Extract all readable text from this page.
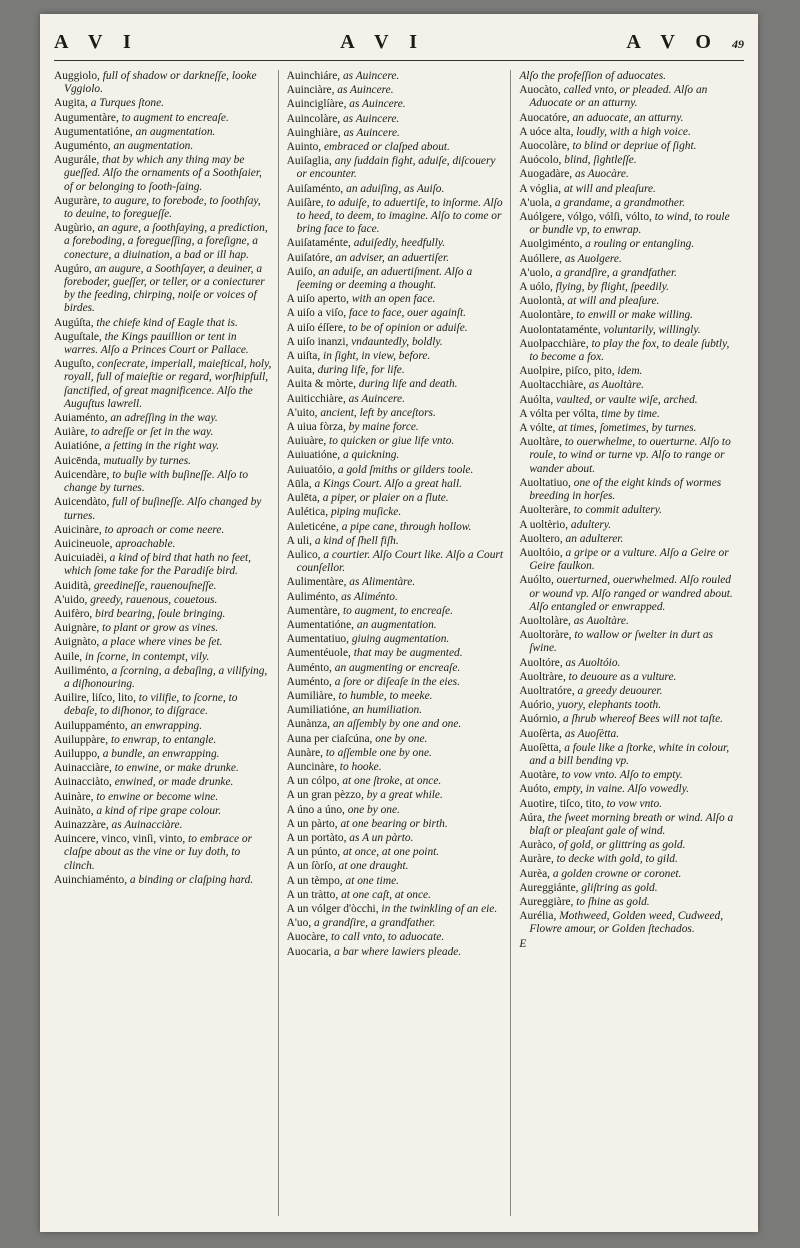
A V I	A V I	A V O 49

Auggiolo, full of shadow or darkneſſe, looke Vggiolo.

Augita, a Turques ſtone.

Augumentàre, to augment to encreaſe.

Augumentatióne, an augmentation.

Auguménto, an augmentation.

Augurále, that by which any thing may be gueſſed. Alſo the ornaments of a Soothſaier, of or belonging to ſooth-ſaing.

Auguràre, to augure, to forebode, to ſoothſay, to deuine, to foregueſſe.

Augùrio, an agure, a ſoothſaying, a prediction, a foreboding, a foregueſſing, a foreſigne, a conecture, a diuination, a bad or ill hap.

Augúro, an augure, a Soothſayer, a deuiner, a foreboder, gueſſer, or teller, or a coniecturer by the feeding, chirping, noiſe or voices of birdes.

Augúſta, the chiefe kind of Eagle that is.

Auguſtale, the Kings pauillion or tent in warres. Alſo a Princes Court or Pallace.

Auguſto, conſecrate, imperiall, maieſtical, holy, royall, full of maieſtie or regard, worſhipfull, ſanctified, of great magnificence. Alſo the Auguſtus lawrell.

Auiaménto, an adreſſing in the way.

Auiàre, to adreſſe or ſet in the way.

Auiatióne, a ſetting in the right way.

Auicēnda, mutually by turnes.

Auicendàre, to buſie with buſineſſe. Alſo to change by turnes.

Auicendàto, full of buſineſſe. Alſo changed by turnes.

Auicinàre, to aproach or come neere.

Auicineuole, aproachable.

Auicuiadèi, a kind of bird that hath no feet, which ſome take for the Paradiſe bird.

Auidità, greedineſſe, rauenouſneſſe.

A'uido, greedy, rauenous, couetous.

Auifèro, bird bearing, ſoule bringing.

Auignàre, to plant or grow as vines.

Auignàto, a place where vines be ſet.

Auile, in ſcorne, in contempt, vily.

Auiliménto, a ſcorning, a debaſing, a vilifying, a diſhonouring.

Auilire, liſco, lito, to vilifie, to ſcorne, to debaſe, to diſhonor, to diſgrace.

Auiluppaménto, an enwrapping.

Auiluppàre, to enwrap, to entangle.

Auiluppo, a bundle, an enwrapping.

Auinacciàre, to enwine, or make drunke.

Auinacciàto, enwined, or made drunke.

Auinàre, to enwine or become wine.

Auinàto, a kind of ripe grape colour.

Auinazzàre, as Auinacciàre.

Auincere, vinco, vinſi, vinto, to embrace or claſpe about as the vine or Iuy doth, to clinch.

Auinchiaménto, a binding or claſping hard.

Auinchiáre, as Auincere.

Auinciàre, as Auincere.

Auinciglíàre, as Auincere.

Auincolàre, as Auincere.

Auinghiàre, as Auincere.

Auinto, embraced or claſped about.

Auiſaglia, any ſuddain fight, aduiſe, diſcouery or encounter.

Auiſaménto, an aduiſing, as Auiſo.

Auiſàre, to aduiſe, to aduertiſe, to inſorme. Alſo to heed, to deem, to imagine. Alſo to come or bring face to face.

Auiſataménte, aduiſedly, heedfully.

Auiſatóre, an adviser, an aduertiſer.

Auiſo, an aduiſe, an aduertiſment. Alſo a ſeeming or deeming a thought.

A uiſo aperto, with an open face.

A uiſo a viſo, face to face, ouer againſt.

A uiſo éſſere, to be of opinion or aduiſe.

A uiſo inanzi, vndauntedly, boldly.

A uiſta, in ſight, in view, before.

Auita, during life, for life.

Auita & mòrte, during life and death.

Auiticchiàre, as Auincere.

A'uito, ancient, left by anceſtors.

A uiua fòrza, by maine force.

Auiuàre, to quicken or giue life vnto.

Auiuatióne, a quickning.

Auiuatóio, a gold ſmiths or gilders toole.

Aūla, a Kings Court. Alſo a great hall.

Aulēta, a piper, or plaier on a flute.

Aulética, piping muſicke.

Auleticéne, a pipe cane, through hollow.

A uli, a kind of ſhell fiſh.

Aulico, a courtier. Alſo Court like. Alſo a Court counſellor.

Aulimentàre, as Alimentàre.

Auliménto, as Aliménto.

Aumentàre, to augment, to encreaſe.

Aumentatióne, an augmentation.

Aumentatiuo, giuing augmentation.

Aumentéuole, that may be augmented.

Auménto, an augmenting or encreaſe.

Auménto, a ſore or diſeaſe in the eies.

Aumiliàre, to humble, to meeke.

Aumiliatióne, an humiliation.

Aunànza, an aſſembly by one and one.

Auna per ciaſcúna, one by one.

Aunàre, to aſſemble one by one.

Auncinàre, to hooke.

A un cólpo, at one ſtroke, at once.

A un gran pèzzo, by a great while.

A úno a úno, one by one.

A un pàrto, at one bearing or birth.

A un portàto, as A un pàrto.

A un púnto, at once, at one point.

A un ſòrſo, at one draught.

A un tèmpo, at one time.

A un tràtto, at one caſt, at once.

A un vólger d'òcchi, in the twinkling of an eie.

A'uo, a grandſire, a grandfather.

Auocàre, to call vnto, to aduocate.

Auocaria, a bar where lawiers pleade.

Alſo the profeſſion of aduocates.

Auocàto, called vnto, or pleaded. Alſo an Aduocate or an atturny.

Auocatóre, an aduocate, an atturny.

A uóce alta, loudly, with a high voice.

Auocolàre, to blind or depriue of ſight.

Auócolo, blind, ſightleſſe.

Auogadàre, as Auocàre.

A vóglia, at will and pleaſure.

A'uola, a grandame, a grandmother.

Auólgere, vólgo, vólſi, vólto, to wind, to roule or bundle vp, to enwrap.

Auolgiménto, a rouling or entangling.

Auóllere, as Auolgere.

A'uolo, a grandſire, a grandfather.

A uólo, flying, by flight, ſpeedily.

Auolontà, at will and pleaſure.

Auolontàre, to enwill or make willing.

Auolontataménte, voluntarily, willingly.

Auolpacchiàre, to play the fox, to deale ſubtly, to become a fox.

Auolpire, piſco, pito, idem.

Auoltacchiàre, as Auoltàre.

Auólta, vaulted, or vaulte wiſe, arched.

A vólta per vólta, time by time.

A vólte, at times, ſometimes, by turnes.

Auoltàre, to ouerwhelme, to ouerturne. Alſo to roule, to wind or turne vp. Alſo to range or wander about.

Auoltatiuo, one of the eight kinds of wormes breeding in horſes.

Auolteràre, to commit adultery.

A uoltèrio, adultery.

Auoltero, an adulterer.

Auoltóio, a gripe or a vulture. Alſo a Geire or Geire faulkon.

Auólto, ouerturned, ouerwhelmed. Alſo rouled or wound vp. Alſo ranged or wandred about. Alſo entangled or enwrapped.

Auoltolàre, as Auoltàre.

Auoltoràre, to wallow or ſwelter in durt as ſwine.

Auoltóre, as Auoltóio.

Auoltràre, to deuoure as a vulture.

Auoltratóre, a greedy deuourer.

Auório, yuory, elephants tooth.

Auórnio, a ſhrub whereof Bees will not taſte.

Auoſèrta, as Auoſètta.

Auoſètta, a foule like a ſtorke, white in colour, and a bill bending vp.

Auotàre, to vow vnto. Alſo to empty.

Auóto, empty, in vaine. Alſo vowedly.

Auotire, tiſco, tito, to vow vnto.

Aúra, the ſweet morning breath or wind. Alſo a blaſt or pleaſant gale of wind.

Auràco, of gold, or glittring as gold.

Auràre, to decke with gold, to gild.

Aurèa, a golden crowne or coronet.

Aureggiánte, gliſtring as gold.

Aureggiàre, to ſhine as gold.

Aurélia, Mothweed, Golden weed, Cudweed, Flowre amour, or Golden ſtechados.

E
